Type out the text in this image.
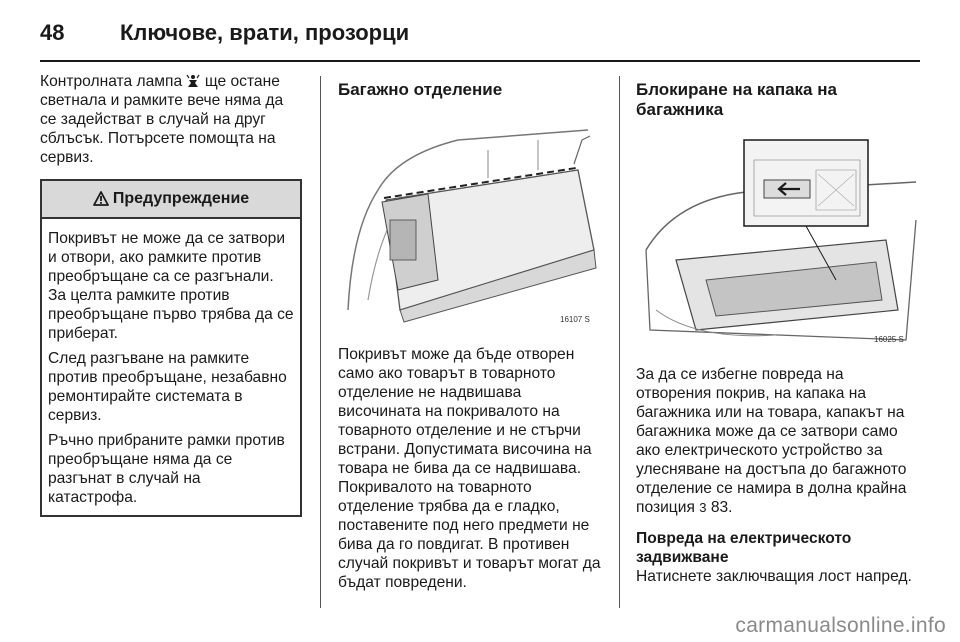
48	Ключове, врати, прозорци

Контролната лампа ще остане светнала и рамките вече няма да се задействат в случай на друг сблъсък. Потърсете помощта на сервиз.

Предупреждение

Покривът не може да се затвори и отвори, ако рамките против преобръщане са се разгънали. За целта рамките против преобръщане първо трябва да се приберат.

След разгъване на рамките против преобръщане, незабавно ремонтирайте системата в сервиз.

Ръчно прибраните рамки против преобръщане няма да се разгънат в случай на катастрофа.

Багажно отделение
16107 S

Покривът може да бъде отворен само ако товарът в товарното отделение не надвишава височината на покривалото на товарното отделение и не стърчи встрани. Допустимата височина на товара не бива да се надвишава. Покривалото на товарното отделение трябва да е гладко, поставените под него предмети не бива да го повдигат. В противен случай покривът и товарът могат да бъдат повредени.

Блокиране на капака на багажника
16025 S

За да се избегне повреда на отворения покрив, на капака на багажника или на товара, капакът на багажника може да се затвори само ако електрическото устройство за улесняване на достъпа до багажното отделение се намира в долна крайна позиция 3 83.

Повреда на електрическото задвижване

Натиснете заключващия лост напред.

carmanualsonline.info
